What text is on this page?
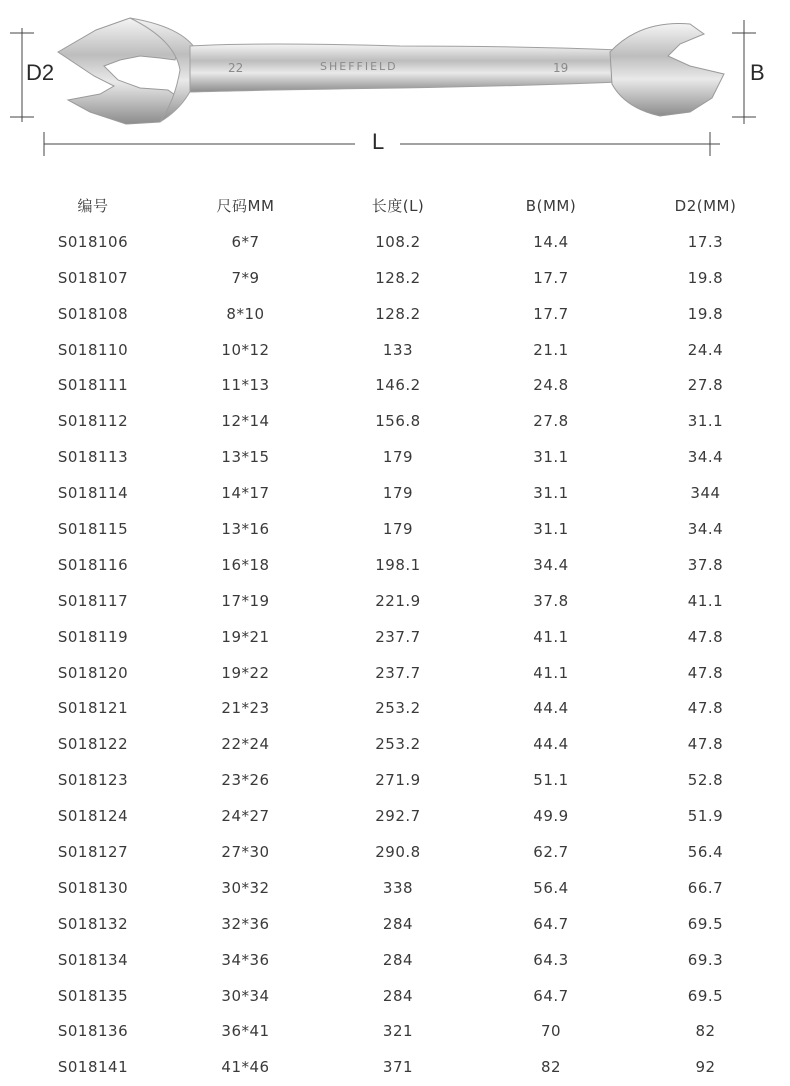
22	SHEFFIELD	19
D2	B
L
编号	尺码MM	长度(L)	B(MM)	D2(MM)
S018106	6*7	108.2	14.4	17.3
S018107	7*9	128.2	17.7	19.8
S018108	8*10	128.2	17.7	19.8
S018110	10*12	133	21.1	24.4
S018111	11*13	146.2	24.8	27.8
S018112	12*14	156.8	27.8	31.1
S018113	13*15	179	31.1	34.4
S018114	14*17	179	31.1	344
S018115	13*16	179	31.1	34.4
S018116	16*18	198.1	34.4	37.8
S018117	17*19	221.9	37.8	41.1
S018119	19*21	237.7	41.1	47.8
S018120	19*22	237.7	41.1	47.8
S018121	21*23	253.2	44.4	47.8
S018122	22*24	253.2	44.4	47.8
S018123	23*26	271.9	51.1	52.8
S018124	24*27	292.7	49.9	51.9
S018127	27*30	290.8	62.7	56.4
S018130	30*32	338	56.4	66.7
S018132	32*36	284	64.7	69.5
S018134	34*36	284	64.3	69.3
S018135	30*34	284	64.7	69.5
S018136	36*41	321	70	82
S018141	41*46	371	82	92
